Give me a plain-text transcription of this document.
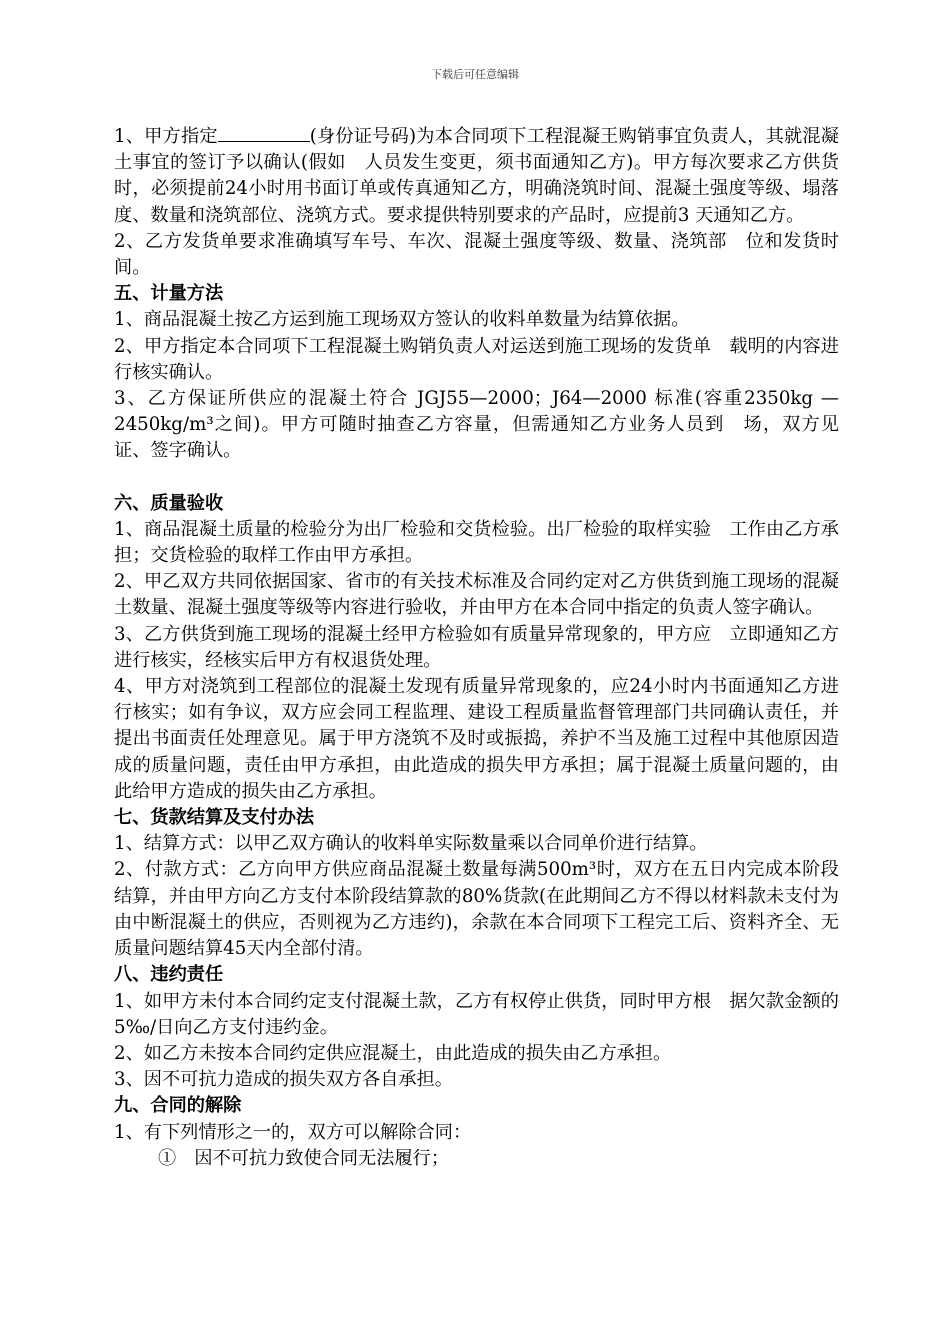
下载后可任意编辑

1、甲方指定	(身份证号码)为本合同项下工程混凝王购销事宜负责人，其就混凝土事宜的签订予以确认(假如　人员发生变更，须书面通知乙方)。甲方每次要求乙方供货时，必须提前24小时用书面订单或传真通知乙方，明确浇筑时间、混凝土强度等级、塌落度、数量和浇筑部位、浇筑方式。要求提供特别要求的产品时，应提前3 天通知乙方。

2、乙方发货单要求准确填写车号、车次、混凝土强度等级、数量、浇筑部　位和发货时间。

五、计量方法

1、商品混凝土按乙方运到施工现场双方签认的收料单数量为结算依据。

2、甲方指定本合同项下工程混凝土购销负责人对运送到施工现场的发货单　载明的内容进行核实确认。

3、乙方保证所供应的混凝土符合 JGJ55—2000；J64—2000 标准(容重2350kg —2450kg/m³之间)。甲方可随时抽查乙方容量，但需通知乙方业务人员到　场，双方见证、签字确认。

六、质量验收

1、商品混凝土质量的检验分为出厂检验和交货检验。出厂检验的取样实验　工作由乙方承担；交货检验的取样工作由甲方承担。

2、甲乙双方共同依据国家、省市的有关技术标准及合同约定对乙方供货到施工现场的混凝土数量、混凝土强度等级等内容进行验收，并由甲方在本合同中指定的负责人签字确认。

3、乙方供货到施工现场的混凝土经甲方检验如有质量异常现象的，甲方应　立即通知乙方进行核实，经核实后甲方有权退货处理。

4、甲方对浇筑到工程部位的混凝土发现有质量异常现象的，应24小时内书面通知乙方进行核实；如有争议，双方应会同工程监理、建设工程质量监督管理部门共同确认责任，并提出书面责任处理意见。属于甲方浇筑不及时或振捣，养护不当及施工过程中其他原因造成的质量问题，责任由甲方承担，由此造成的损失甲方承担；属于混凝土质量问题的，由此给甲方造成的损失由乙方承担。

七、货款结算及支付办法

1、结算方式：以甲乙双方确认的收料单实际数量乘以合同单价进行结算。

2、付款方式：乙方向甲方供应商品混凝土数量每满500m³时，双方在五日内完成本阶段结算，并由甲方向乙方支付本阶段结算款的80%货款(在此期间乙方不得以材料款未支付为由中断混凝土的供应，否则视为乙方违约)，余款在本合同项下工程完工后、资料齐全、无质量问题结算45天内全部付清。

八、违约责任

1、如甲方未付本合同约定支付混凝土款，乙方有权停止供货，同时甲方根　据欠款金额的5‰/日向乙方支付违约金。

2、如乙方未按本合同约定供应混凝土，由此造成的损失由乙方承担。

3、因不可抗力造成的损失双方各自承担。

九、合同的解除

1、有下列情形之一的，双方可以解除合同：

①　因不可抗力致使合同无法履行；
